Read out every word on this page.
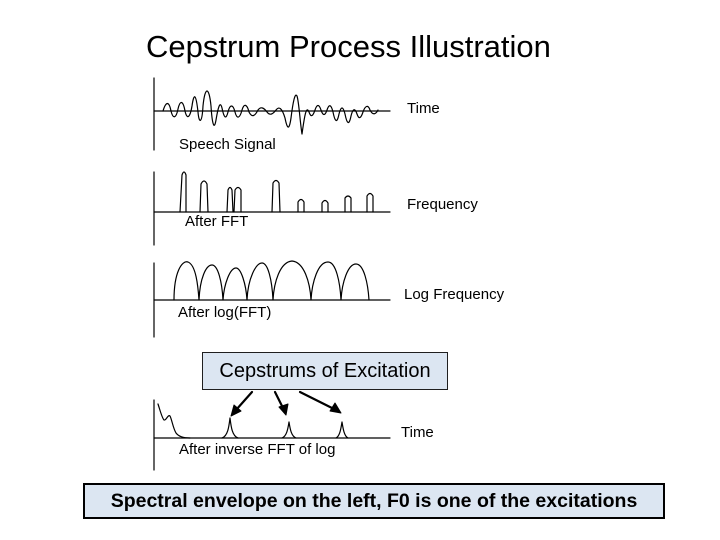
Cepstrum Process Illustration
Time
Speech Signal
Frequency
After FFT
Log Frequency
After log(FFT)
Cepstrums of Excitation
Time
After inverse FFT of log
Spectral envelope on the left, F0 is one of the excitations
